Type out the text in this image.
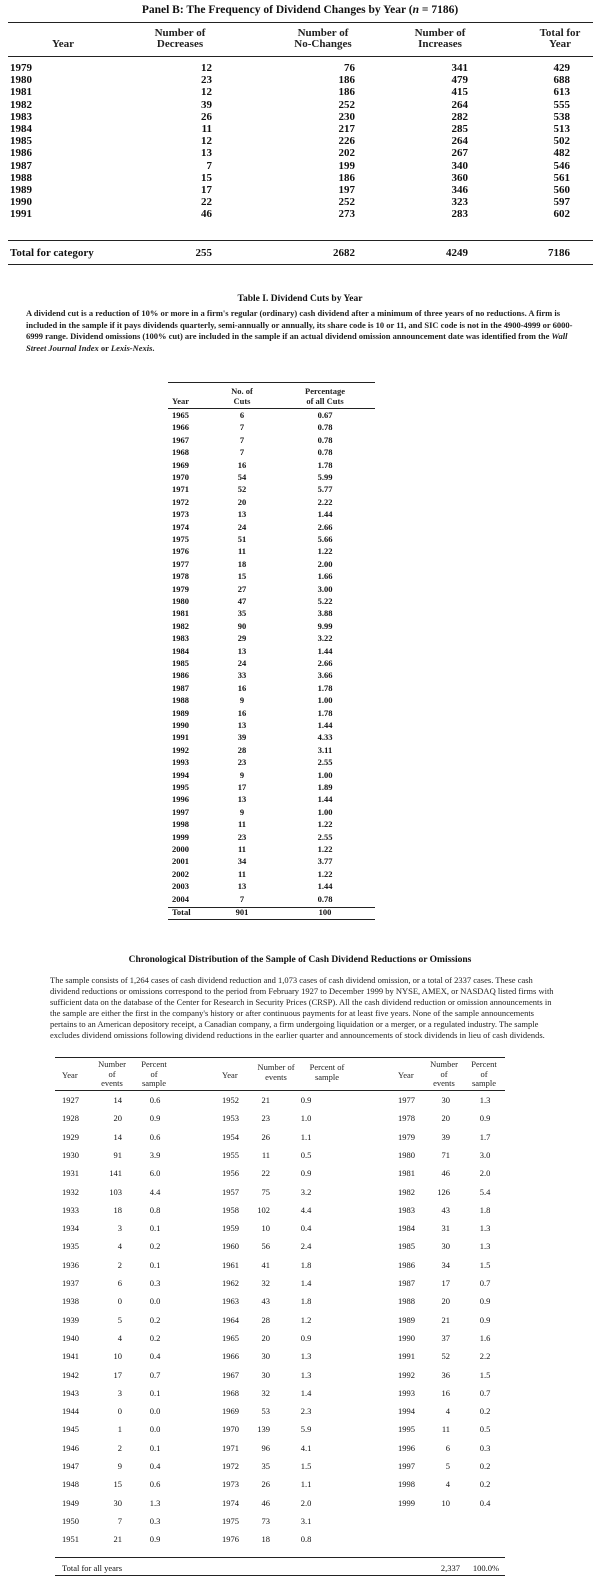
Panel B: The Frequency of Dividend Changes by Year (n = 7186)
Year
Number of
Decreases
Number of
No-Changes
Number of
Increases
Total for
Year
1979	12	76	341	429
1980	23	186	479	688
1981	12	186	415	613
1982	39	252	264	555
1983	26	230	282	538
1984	11	217	285	513
1985	12	226	264	502
1986	13	202	267	482
1987	7	199	340	546
1988	15	186	360	561
1989	17	197	346	560
1990	22	252	323	597
1991	46	273	283	602
Total for category	255	2682	4249	7186
Table I. Dividend Cuts by Year
A dividend cut is a reduction of 10% or more in a firm's regular (ordinary) cash dividend after a minimum of three years of no reductions. A firm is included in the sample if it pays dividends quarterly, semi-annually or annually, its share code is 10 or 11, and SIC code is not in the 4900-4999 or 6000-6999 range. Dividend omissions (100% cut) are included in the sample if an actual dividend omission announcement date was identified from the Wall Street Journal Index or Lexis-Nexis.
Year
No. of
Cuts
Percentage
of all Cuts
1965	6	0.67
1966	7	0.78
1967	7	0.78
1968	7	0.78
1969	16	1.78
1970	54	5.99
1971	52	5.77
1972	20	2.22
1973	13	1.44
1974	24	2.66
1975	51	5.66
1976	11	1.22
1977	18	2.00
1978	15	1.66
1979	27	3.00
1980	47	5.22
1981	35	3.88
1982	90	9.99
1983	29	3.22
1984	13	1.44
1985	24	2.66
1986	33	3.66
1987	16	1.78
1988	9	1.00
1989	16	1.78
1990	13	1.44
1991	39	4.33
1992	28	3.11
1993	23	2.55
1994	9	1.00
1995	17	1.89
1996	13	1.44
1997	9	1.00
1998	11	1.22
1999	23	2.55
2000	11	1.22
2001	34	3.77
2002	11	1.22
2003	13	1.44
2004	7	0.78
Total	901	100
Chronological Distribution of the Sample of Cash Dividend Reductions or Omissions
The sample consists of 1,264 cases of cash dividend reduction and 1,073 cases of cash dividend omission, or a total of 2337 cases. These cash dividend reductions or omissions correspond to the period from February 1927 to December 1999 by NYSE, AMEX, or NASDAQ listed firms with sufficient data on the database of the Center for Research in Security Prices (CRSP). All the cash dividend reduction or omission announcements in the sample are either the first in the company's history or after continuous payments for at least five years. None of the sample announcements pertains to an American depository receipt, a Canadian company, a firm undergoing liquidation or a merger, or a regulated industry. The sample excludes dividend omissions following dividend reductions in the earlier quarter and announcements of stock dividends in lieu of cash dividends.
Year
Number
of
events
Percent
of
sample
Year
Number of
events
Percent of
sample	Year
Number
of
events
Percent
of
sample
1927	14	0.6
1928	20	0.9
1929	14	0.6
1930	91	3.9
1931	141	6.0
1932	103	4.4
1933	18	0.8
1934	3	0.1
1935	4	0.2
1936	2	0.1
1937	6	0.3
1938	0	0.0
1939	5	0.2
1940	4	0.2
1941	10	0.4
1942	17	0.7
1943	3	0.1
1944	0	0.0
1945	1	0.0
1946	2	0.1
1947	9	0.4
1948	15	0.6
1949	30	1.3
1950	7	0.3
1951	21	0.9
1952	21	0.9
1953	23	1.0
1954	26	1.1
1955	11	0.5
1956	22	0.9
1957	75	3.2
1958	102	4.4
1959	10	0.4
1960	56	2.4
1961	41	1.8
1962	32	1.4
1963	43	1.8
1964	28	1.2
1965	20	0.9
1966	30	1.3
1967	30	1.3
1968	32	1.4
1969	53	2.3
1970	139	5.9
1971	96	4.1
1972	35	1.5
1973	26	1.1
1974	46	2.0
1975	73	3.1
1976	18	0.8
1977	30	1.3
1978	20	0.9
1979	39	1.7
1980	71	3.0
1981	46	2.0
1982	126	5.4
1983	43	1.8
1984	31	1.3
1985	30	1.3
1986	34	1.5
1987	17	0.7
1988	20	0.9
1989	21	0.9
1990	37	1.6
1991	52	2.2
1992	36	1.5
1993	16	0.7
1994	4	0.2
1995	11	0.5
1996	6	0.3
1997	5	0.2
1998	4	0.2
1999	10	0.4
Total for all years	2,337	100.0%
